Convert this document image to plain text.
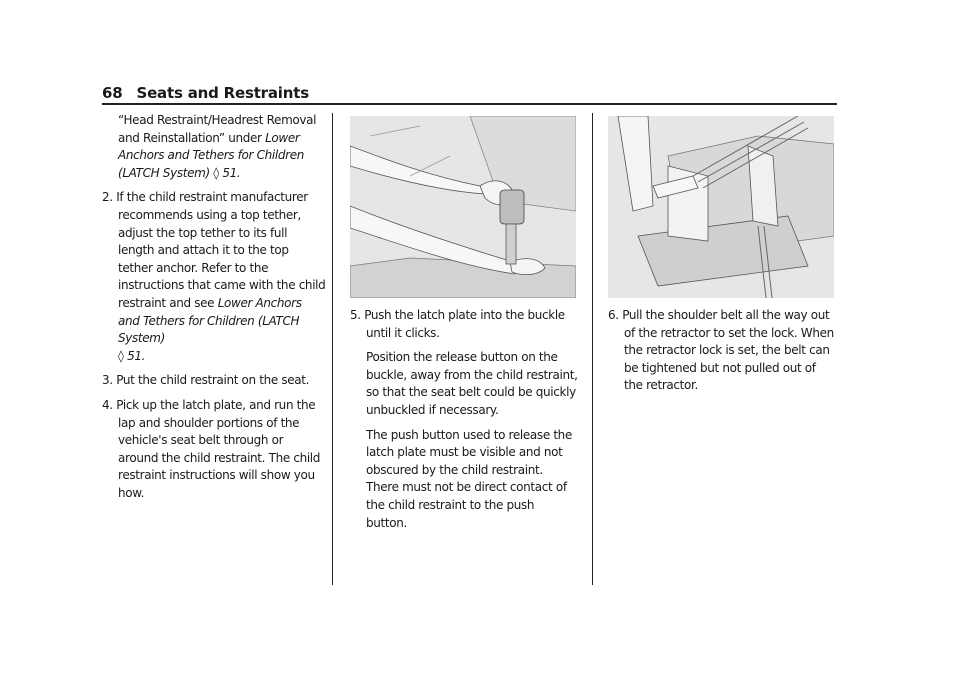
68 Seats and Restraints

“Head Restraint/Headrest Removal and Reinstallation” under Lower Anchors and Tethers for Children (LATCH System) ◊ 51.

2. If the child restraint manufacturer recommends using a top tether, adjust the top tether to its full length and attach it to the top tether anchor. Refer to the instructions that came with the child restraint and see Lower Anchors and Tethers for Children (LATCH System)
◊ 51.

3. Put the child restraint on the seat.

4. Pick up the latch plate, and run the lap and shoulder portions of the vehicle's seat belt through or around the child restraint. The child restraint instructions will show you how.

5. Push the latch plate into the buckle until it clicks.

Position the release button on the buckle, away from the child restraint, so that the seat belt could be quickly unbuckled if necessary.

The push button used to release the latch plate must be visible and not obscured by the child restraint. There must not be direct contact of the child restraint to the push button.

6. Pull the shoulder belt all the way out of the retractor to set the lock. When the retractor lock is set, the belt can be tightened but not pulled out of the retractor.
